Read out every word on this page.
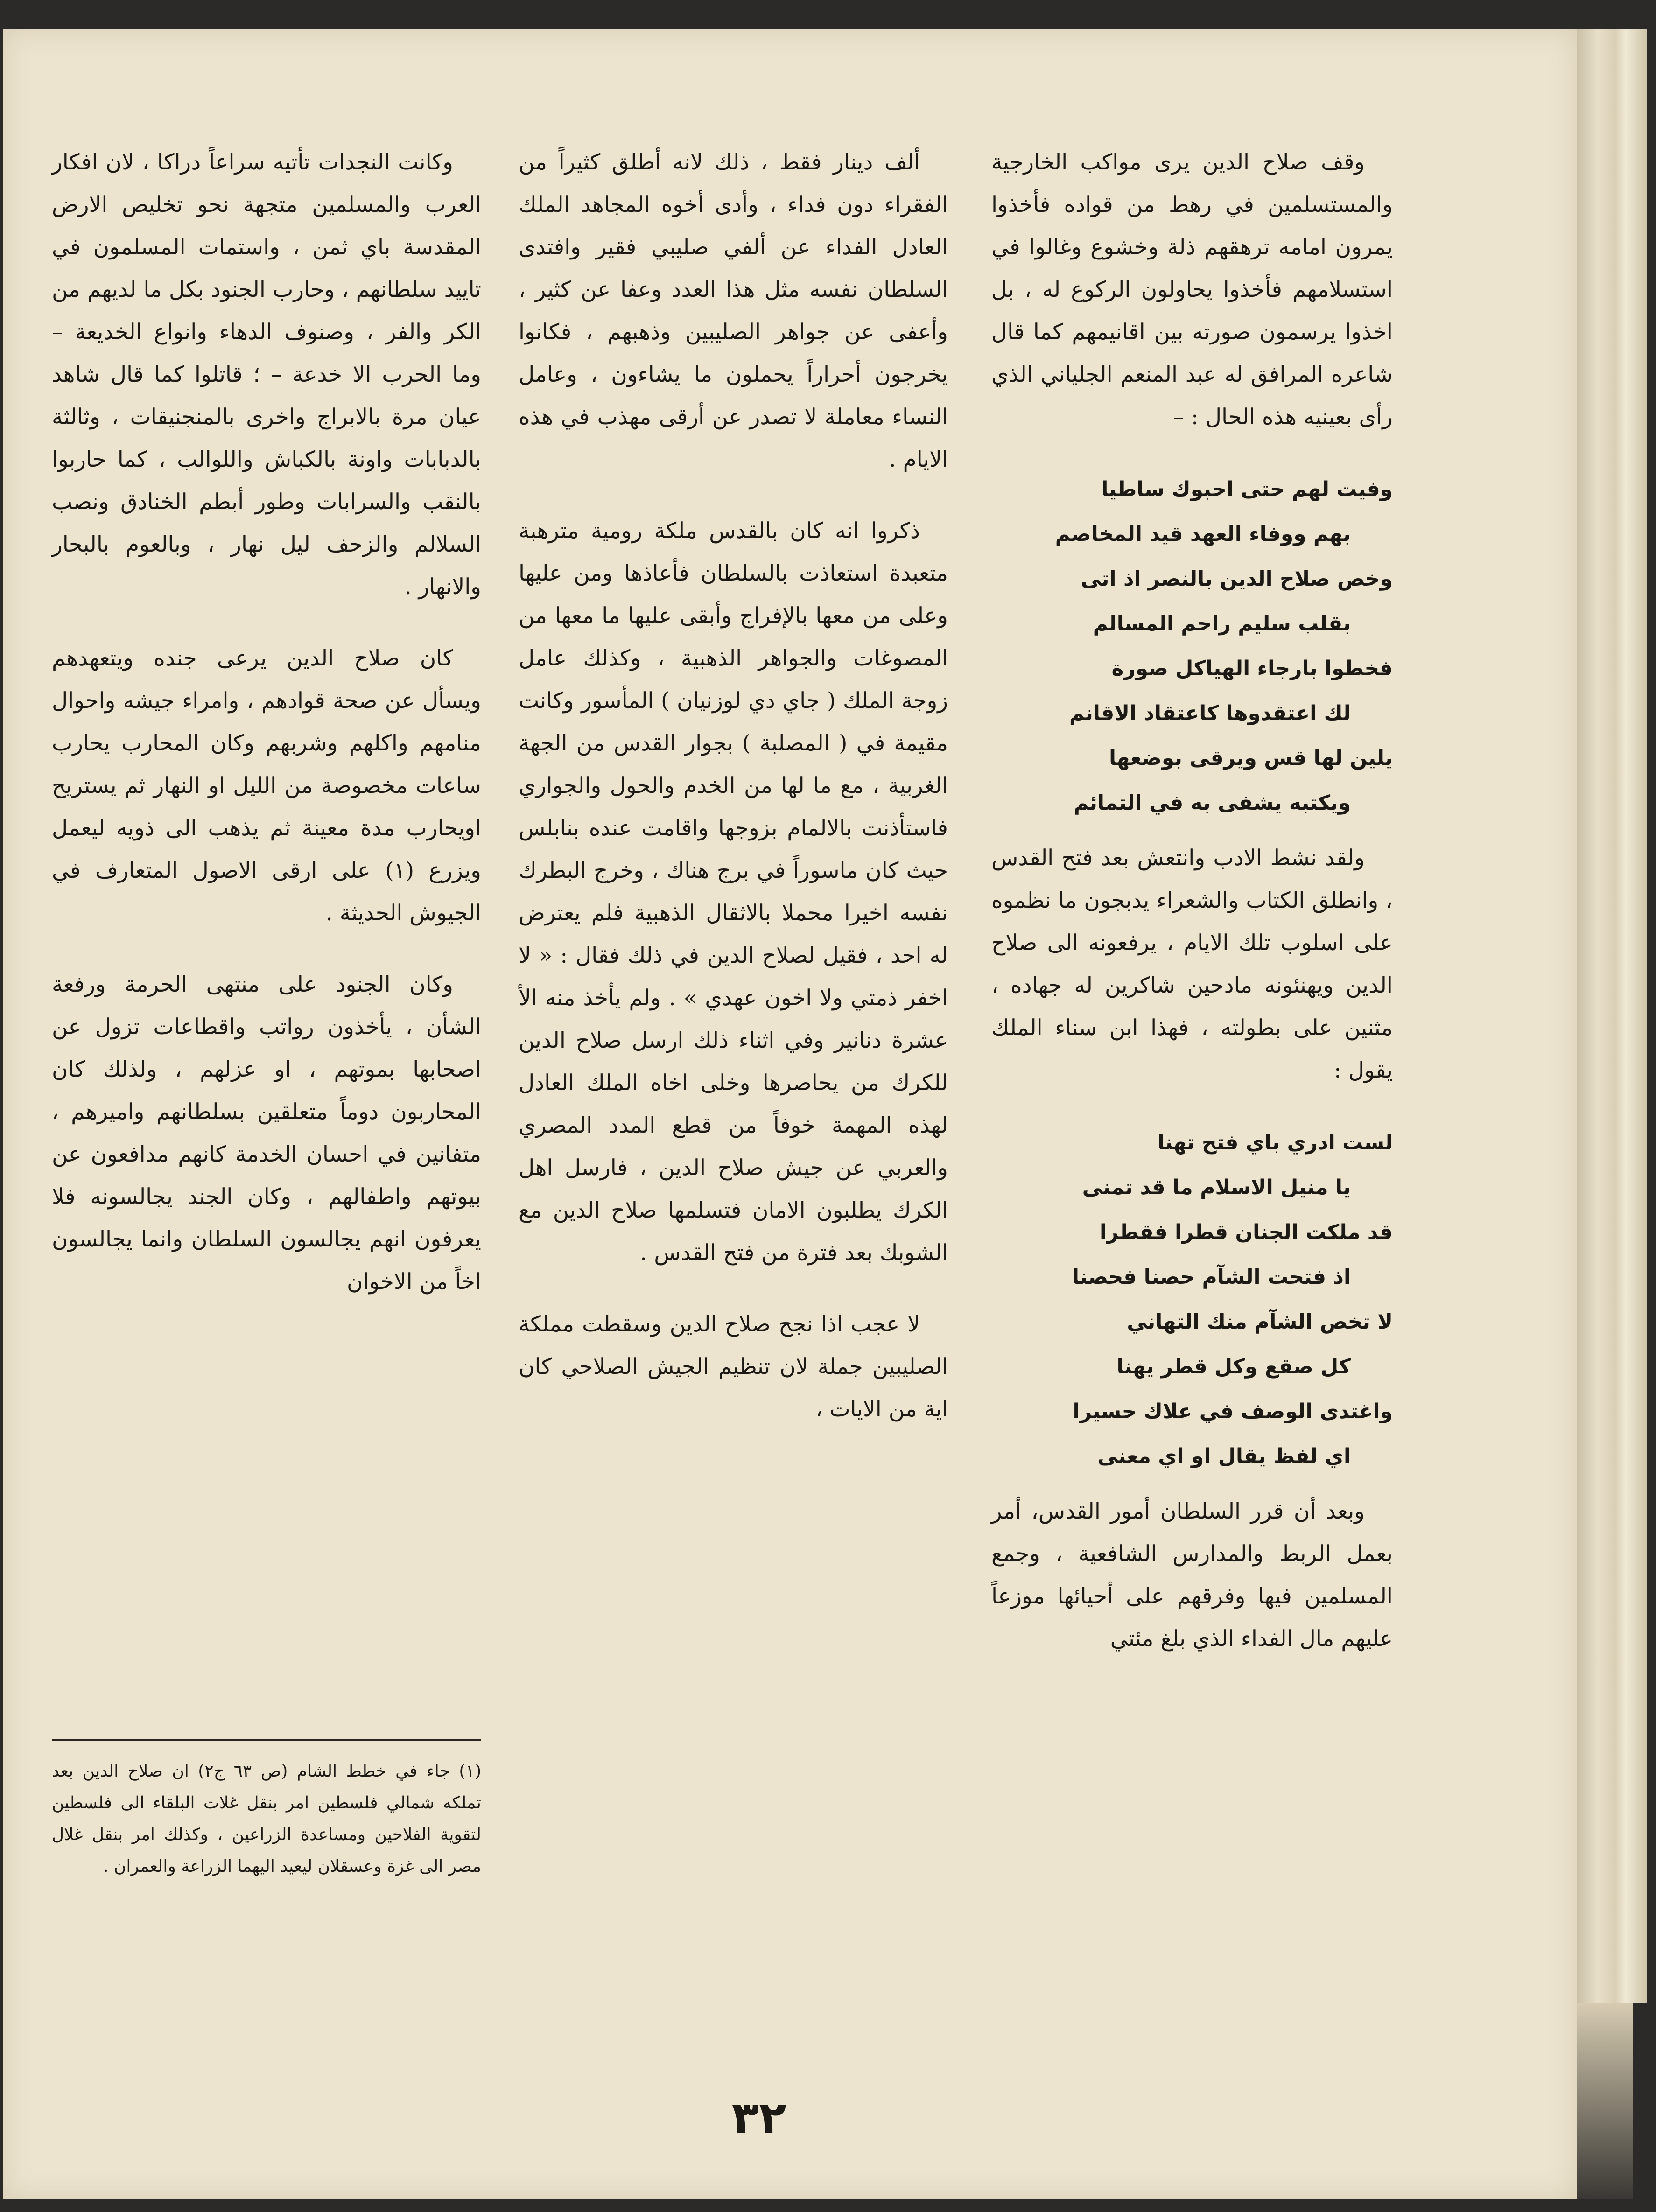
وقف صلاح الدين يرى مواكب الخارجية والمستسلمين في رهط من قواده فأخذوا يمرون امامه ترهقهم ذلة وخشوع وغالوا في استسلامهم فأخذوا يحاولون الركوع له ، بل اخذوا يرسمون صورته بين اقانيمهم كما قال شاعره المرافق له عبد المنعم الجلياني الذي رأى بعينيه هذه الحال : –

وفيت لهم حتى احبوك ساطيا
بهم ووفاء العهد قيد المخاصم
وخص صلاح الدين بالنصر اذ اتى
بقلب سليم راحم المسالم
فخطوا بارجاء الهياكل صورة
لك اعتقدوها كاعتقاد الاقانم
يلين لها قس ويرقى بوضعها
ويكتبه يشفى به في التمائم

ولقد نشط الادب وانتعش بعد فتح القدس ، وانطلق الكتاب والشعراء يدبجون ما نظموه على اسلوب تلك الايام ، يرفعونه الى صلاح الدين ويهنئونه مادحين شاكرين له جهاده ، مثنين على بطولته ، فهذا ابن سناء الملك يقول :

لست ادري باي فتح تهنا
يا منيل الاسلام ما قد تمنى
قد ملكت الجنان قطرا فقطرا
اذ فتحت الشآم حصنا فحصنا
لا تخص الشآم منك التهاني
كل صقع وكل قطر يهنا
واغتدى الوصف في علاك حسيرا
اي لفظ يقال او اي معنى

وبعد أن قرر السلطان أمور القدس، أمر بعمل الربط والمدارس الشافعية ، وجمع المسلمين فيها وفرقهم على أحيائها موزعاً عليهم مال الفداء الذي بلغ مئتي

ألف دينار فقط ، ذلك لانه أطلق كثيراً من الفقراء دون فداء ، وأدى أخوه المجاهد الملك العادل الفداء عن ألفي صليبي فقير وافتدى السلطان نفسه مثل هذا العدد وعفا عن كثير ، وأعفى عن جواهر الصليبين وذهبهم ، فكانوا يخرجون أحراراً يحملون ما يشاءون ، وعامل النساء معاملة لا تصدر عن أرقى مهذب في هذه الايام .

ذكروا انه كان بالقدس ملكة رومية مترهبة متعبدة استعاذت بالسلطان فأعاذها ومن عليها وعلى من معها بالإفراج وأبقى عليها ما معها من المصوغات والجواهر الذهبية ، وكذلك عامل زوجة الملك ( جاي دي لوزنيان ) المأسور وكانت مقيمة في ( المصلبة ) بجوار القدس من الجهة الغربية ، مع ما لها من الخدم والحول والجواري فاستأذنت بالالمام بزوجها واقامت عنده بنابلس حيث كان ماسوراً في برج هناك ، وخرج البطرك نفسه اخيرا محملا بالاثقال الذهبية فلم يعترض له احد ، فقيل لصلاح الدين في ذلك فقال : « لا اخفر ذمتي ولا اخون عهدي » . ولم يأخذ منه الأ عشرة دنانير وفي اثناء ذلك ارسل صلاح الدين للكرك من يحاصرها وخلى اخاه الملك العادل لهذه المهمة خوفاً من قطع المدد المصري والعربي عن جيش صلاح الدين ، فارسل اهل الكرك يطلبون الامان فتسلمها صلاح الدين مع الشوبك بعد فترة من فتح القدس .

لا عجب اذا نجح صلاح الدين وسقطت مملكة الصليبين جملة لان تنظيم الجيش الصلاحي كان اية من الايات ،

وكانت النجدات تأتيه سراعاً دراكا ، لان افكار العرب والمسلمين متجهة نحو تخليص الارض المقدسة باي ثمن ، واستمات المسلمون في تاييد سلطانهم ، وحارب الجنود بكل ما لديهم من الكر والفر ، وصنوف الدهاء وانواع الخديعة – وما الحرب الا خدعة – ؛ قاتلوا كما قال شاهد عيان مرة بالابراج واخرى بالمنجنيقات ، وثالثة بالدبابات واونة بالكباش واللوالب ، كما حاربوا بالنقب والسرابات وطور أبطم الخنادق ونصب السلالم والزحف ليل نهار ، وبالعوم بالبحار والانهار .

كان صلاح الدين يرعى جنده ويتعهدهم ويسأل عن صحة قوادهم ، وامراء جيشه واحوال منامهم واكلهم وشربهم وكان المحارب يحارب ساعات مخصوصة من الليل او النهار ثم يستريح اويحارب مدة معينة ثم يذهب الى ذويه ليعمل ويزرع (١) على ارقى الاصول المتعارف في الجيوش الحديثة .

وكان الجنود على منتهى الحرمة ورفعة الشأن ، يأخذون رواتب واقطاعات تزول عن اصحابها بموتهم ، او عزلهم ، ولذلك كان المحاربون دوماً متعلقين بسلطانهم واميرهم ، متفانين في احسان الخدمة كانهم مدافعون عن بيوتهم واطفالهم ، وكان الجند يجالسونه فلا يعرفون انهم يجالسون السلطان وانما يجالسون اخاً من الاخوان

(١) جاء في خطط الشام (ص ٦٣ ج٢) ان صلاح الدين بعد تملكه شمالي فلسطين امر بنقل غلات البلقاء الى فلسطين لتقوية الفلاحين ومساعدة الزراعين ، وكذلك امر بنقل غلال مصر الى غزة وعسقلان ليعيد اليهما الزراعة والعمران .
٣٢
